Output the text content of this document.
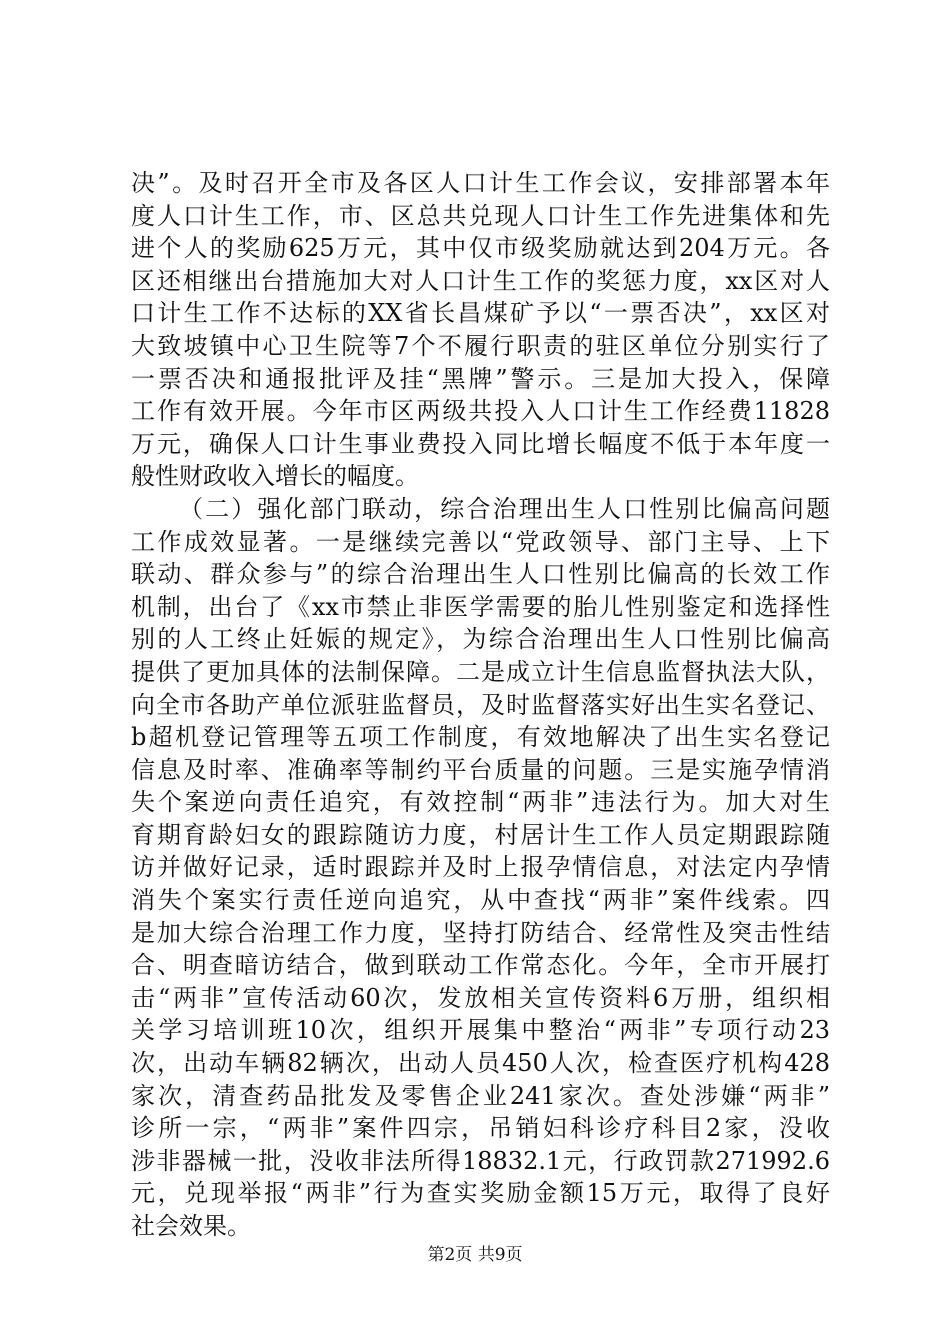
决”。及时召开全市及各区人口计生工作会议，安排部署本年
度人口计生工作，市、区总共兑现人口计生工作先进集体和先
进个人的奖励625万元，其中仅市级奖励就达到204万元。各
区还相继出台措施加大对人口计生工作的奖惩力度，xx区对人
口计生工作不达标的XX省长昌煤矿予以“一票否决”，xx区对
大致坡镇中心卫生院等7个不履行职责的驻区单位分别实行了
一票否决和通报批评及挂“黑牌”警示。三是加大投入，保障
工作有效开展。今年市区两级共投入人口计生工作经费11828
万元，确保人口计生事业费投入同比增长幅度不低于本年度一
般性财政收入增长的幅度。
（二）强化部门联动，综合治理出生人口性别比偏高问题
工作成效显著。一是继续完善以“党政领导、部门主导、上下
联动、群众参与”的综合治理出生人口性别比偏高的长效工作
机制，出台了《xx市禁止非医学需要的胎儿性别鉴定和选择性
别的人工终止妊娠的规定》，为综合治理出生人口性别比偏高
提供了更加具体的法制保障。二是成立计生信息监督执法大队，
向全市各助产单位派驻监督员，及时监督落实好出生实名登记、
b超机登记管理等五项工作制度，有效地解决了出生实名登记
信息及时率、准确率等制约平台质量的问题。三是实施孕情消
失个案逆向责任追究，有效控制“两非”违法行为。加大对生
育期育龄妇女的跟踪随访力度，村居计生工作人员定期跟踪随
访并做好记录，适时跟踪并及时上报孕情信息，对法定内孕情
消失个案实行责任逆向追究，从中查找“两非”案件线索。四
是加大综合治理工作力度，坚持打防结合、经常性及突击性结
合、明查暗访结合，做到联动工作常态化。今年，全市开展打
击“两非”宣传活动60次，发放相关宣传资料6万册，组织相
关学习培训班10次，组织开展集中整治“两非”专项行动23
次，出动车辆82辆次，出动人员450人次，检查医疗机构428
家次，清查药品批发及零售企业241家次。查处涉嫌“两非”
诊所一宗，“两非”案件四宗，吊销妇科诊疗科目2家，没收
涉非器械一批，没收非法所得18832.1元，行政罚款271992.6
元，兑现举报“两非”行为查实奖励金额15万元，取得了良好
社会效果。
第2页 共9页
